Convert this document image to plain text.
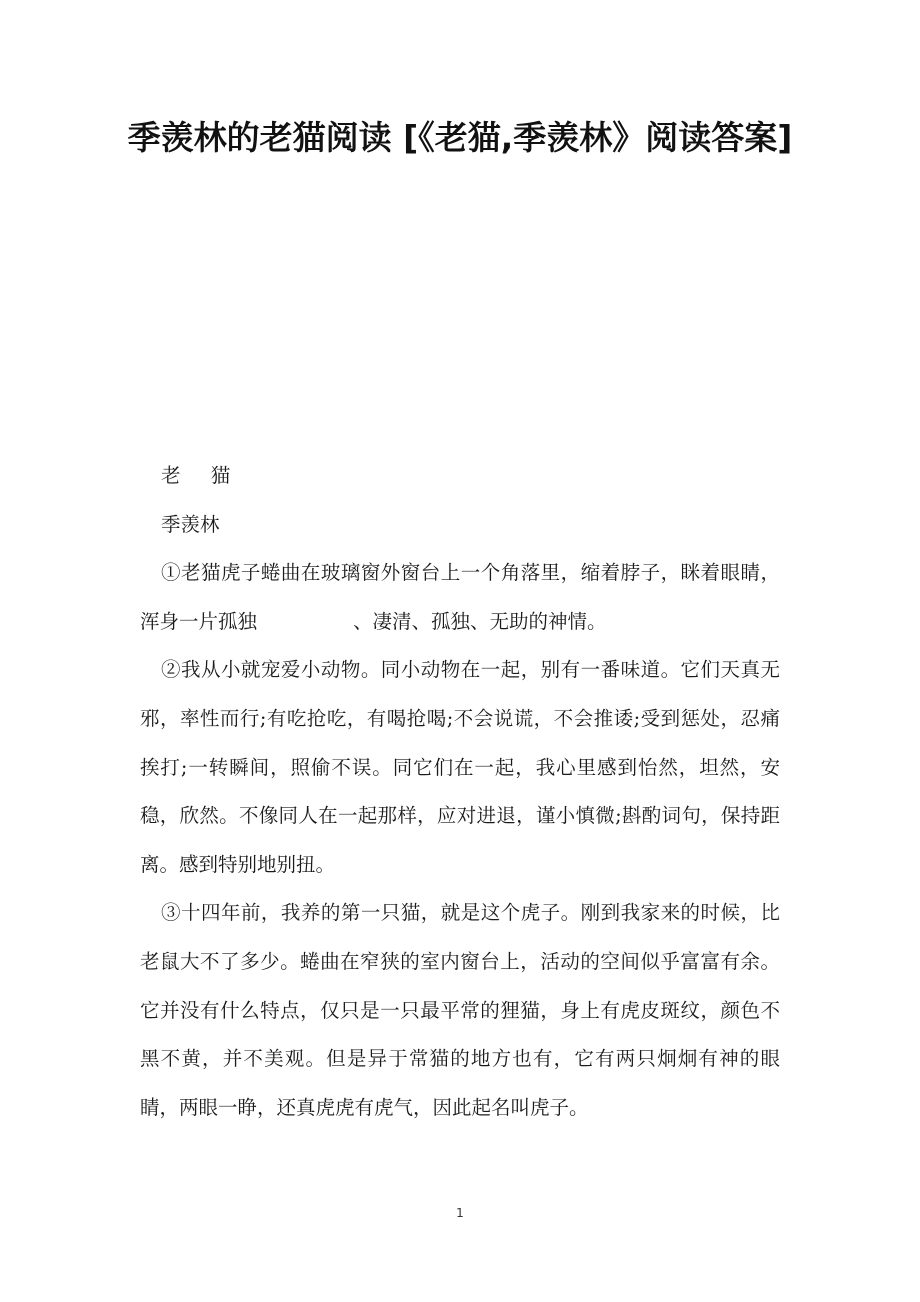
季羡林的老猫阅读 [《老猫,季羡林》阅读答案]

老 猫

季羡林

①老猫虎子蜷曲在玻璃窗外窗台上一个角落里，缩着脖子，眯着眼睛，浑身一片孤独	、凄清、孤独、无助的神情。

②我从小就宠爱小动物。同小动物在一起，别有一番味道。它们天真无邪，率性而行;有吃抢吃，有喝抢喝;不会说谎，不会推诿;受到惩处，忍痛挨打;一转瞬间，照偷不误。同它们在一起，我心里感到怡然，坦然，安稳，欣然。不像同人在一起那样，应对进退，谨小慎微;斟酌词句，保持距离。感到特别地别扭。

③十四年前，我养的第一只猫，就是这个虎子。刚到我家来的时候，比老鼠大不了多少。蜷曲在窄狭的室内窗台上，活动的空间似乎富富有余。它并没有什么特点，仅只是一只最平常的狸猫，身上有虎皮斑纹，颜色不黑不黄，并不美观。但是异于常猫的地方也有，它有两只炯炯有神的眼睛，两眼一睁，还真虎虎有虎气，因此起名叫虎子。

1
